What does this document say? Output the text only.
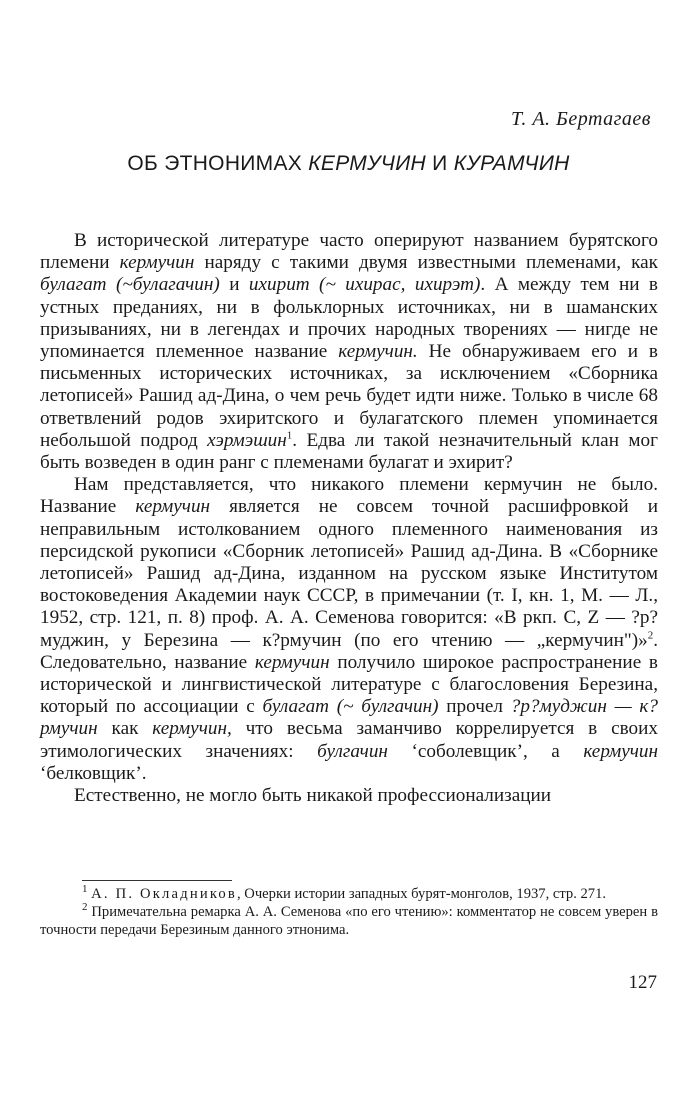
Т. А. Бертагаев
ОБ ЭТНОНИМАХ КЕРМУЧИН И КУРАМЧИН

В исторической литературе часто оперируют названием бурятского племени кермучин наряду с такими двумя известными племенами, как булагат (~булагачин) и ихирит (~ ихирас, ихирэт). А между тем ни в устных преданиях, ни в фольклорных источниках, ни в шаманских призываниях, ни в легендах и прочих народных творениях — нигде не упоминается племенное название кермучин. Не обнаруживаем его и в письменных исторических источниках, за исключением «Сборника летописей» Рашид ад-Дина, о чем речь будет идти ниже. Только в числе 68 ответвлений родов эхиритского и булагатского племен упоминается небольшой подрод хэрмэшин$^1$. Едва ли такой незначительный клан мог быть возведен в один ранг с племенами булагат и эхирит?

Нам представляется, что никакого племени кермучин не было. Название кермучин является не совсем точной расшифровкой и неправильным истолкованием одного племенного наименования из персидской рукописи «Сборник летописей» Рашид ад-Дина. В «Сборнике летописей» Рашид ад-Дина, изданном на русском языке Институтом востоковедения Академии наук СССР, в примечании (т. I, кн. 1, М. — Л., 1952, стр. 121, п. 8) проф. А. А. Семенова говорится: «В ркп. С, Z — ?р?муджин, у Березина — к?рмучин (по его чтению — „кермучин")»$^2$. Следовательно, название кермучин получило широкое распространение в исторической и лингвистической литературе с благословения Березина, который по ассоциации с булагат (~ булгачин) прочел ?р?муджин — к?рмучин как кермучин, что весьма заманчиво коррелируется в своих этимологических значениях: булгачин ‘соболевщик’, а кермучин ‘белковщик’.

Естественно, не могло быть никакой профессионализации

$^1$ А. П. Окладников, Очерки истории западных бурят-монголов, 1937, стр. 271.

$^2$ Примечательна ремарка А. А. Семенова «по его чтению»: комментатор не совсем уверен в точности передачи Березиным данного этнонима.

127
